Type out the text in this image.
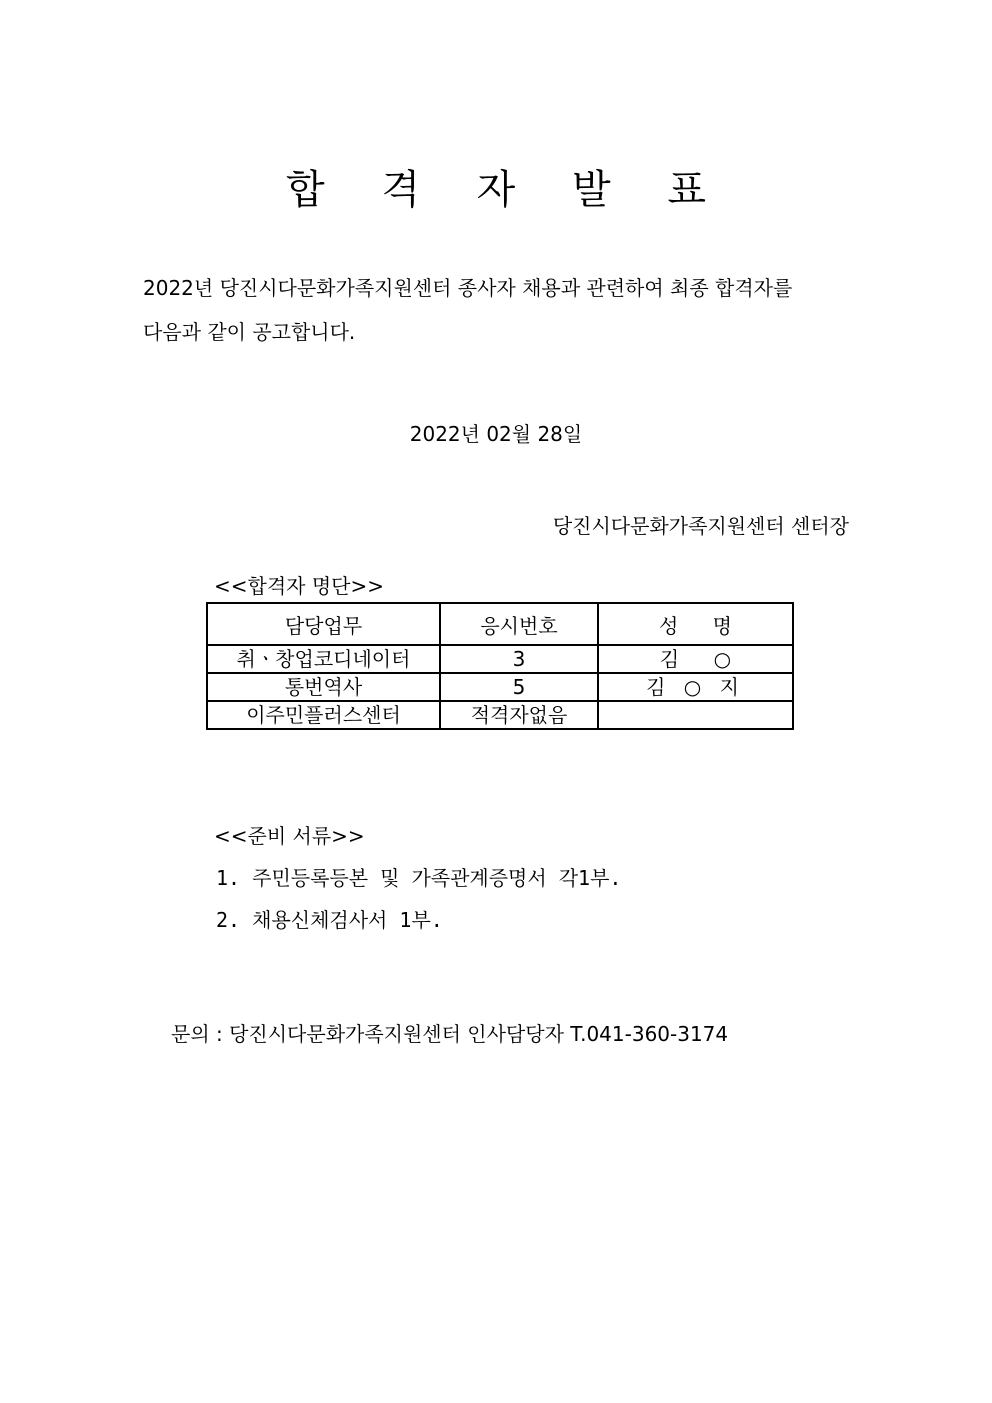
합 격 자 발 표
2022년 당진시다문화가족지원센터 종사자 채용과 관련하여 최종 합격자를
다음과 같이 공고합니다.
2022년 02월 28일
당진시다문화가족지원센터 센터장
<<합격자 명단>>
담당업무	응시번호	성 명
취ㆍ창업코디네이터	3	김 ○
통번역사	5	김 ○ 지
이주민플러스센터	적격자없음	
<<준비 서류>>
1. 주민등록등본 및 가족관계증명서 각1부.
2. 채용신체검사서 1부.
문의 : 당진시다문화가족지원센터 인사담당자 T.041-360-3174
